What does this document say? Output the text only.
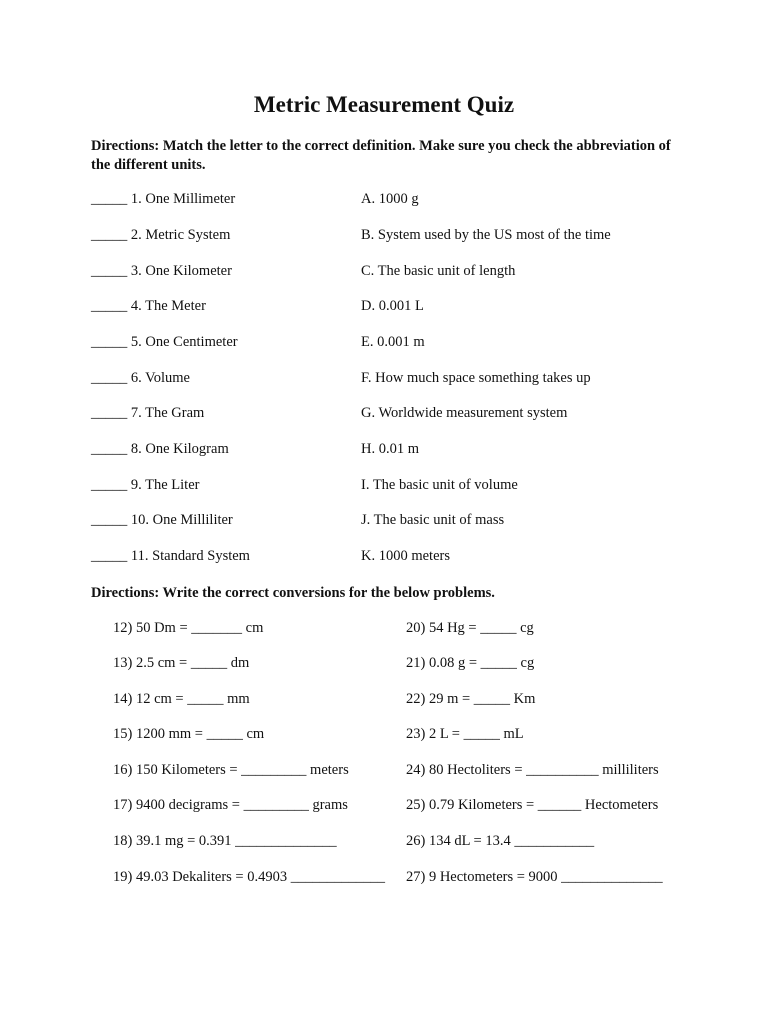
Metric Measurement Quiz

Directions: Match the letter to the correct definition. Make sure you check the abbreviation of the different units.

_____ 1. One Millimeter	A. 1000 g
_____ 2. Metric System	B. System used by the US most of the time
_____ 3. One Kilometer	C. The basic unit of length
_____ 4. The Meter	D. 0.001 L
_____ 5. One Centimeter	E. 0.001 m
_____ 6. Volume	F. How much space something takes up
_____ 7. The Gram	G. Worldwide measurement system
_____ 8. One Kilogram	H. 0.01 m
_____ 9. The Liter	I. The basic unit of volume
_____ 10. One Milliliter	J. The basic unit of mass
_____ 11. Standard System	K. 1000 meters

Directions: Write the correct conversions for the below problems.

12) 50 Dm = _______ cm	20) 54 Hg = _____ cg
13) 2.5 cm = _____ dm	21) 0.08 g = _____ cg
14) 12 cm = _____ mm	22) 29 m = _____ Km
15) 1200 mm = _____ cm	23) 2 L = _____ mL
16) 150 Kilometers = _________ meters	24) 80 Hectoliters = __________ milliliters
17) 9400 decigrams = _________ grams	25) 0.79 Kilometers = ______ Hectometers
18) 39.1 mg = 0.391 ______________	26) 134 dL = 13.4 ___________
19) 49.03 Dekaliters = 0.4903 _____________ 27) 9 Hectometers = 9000 ______________
